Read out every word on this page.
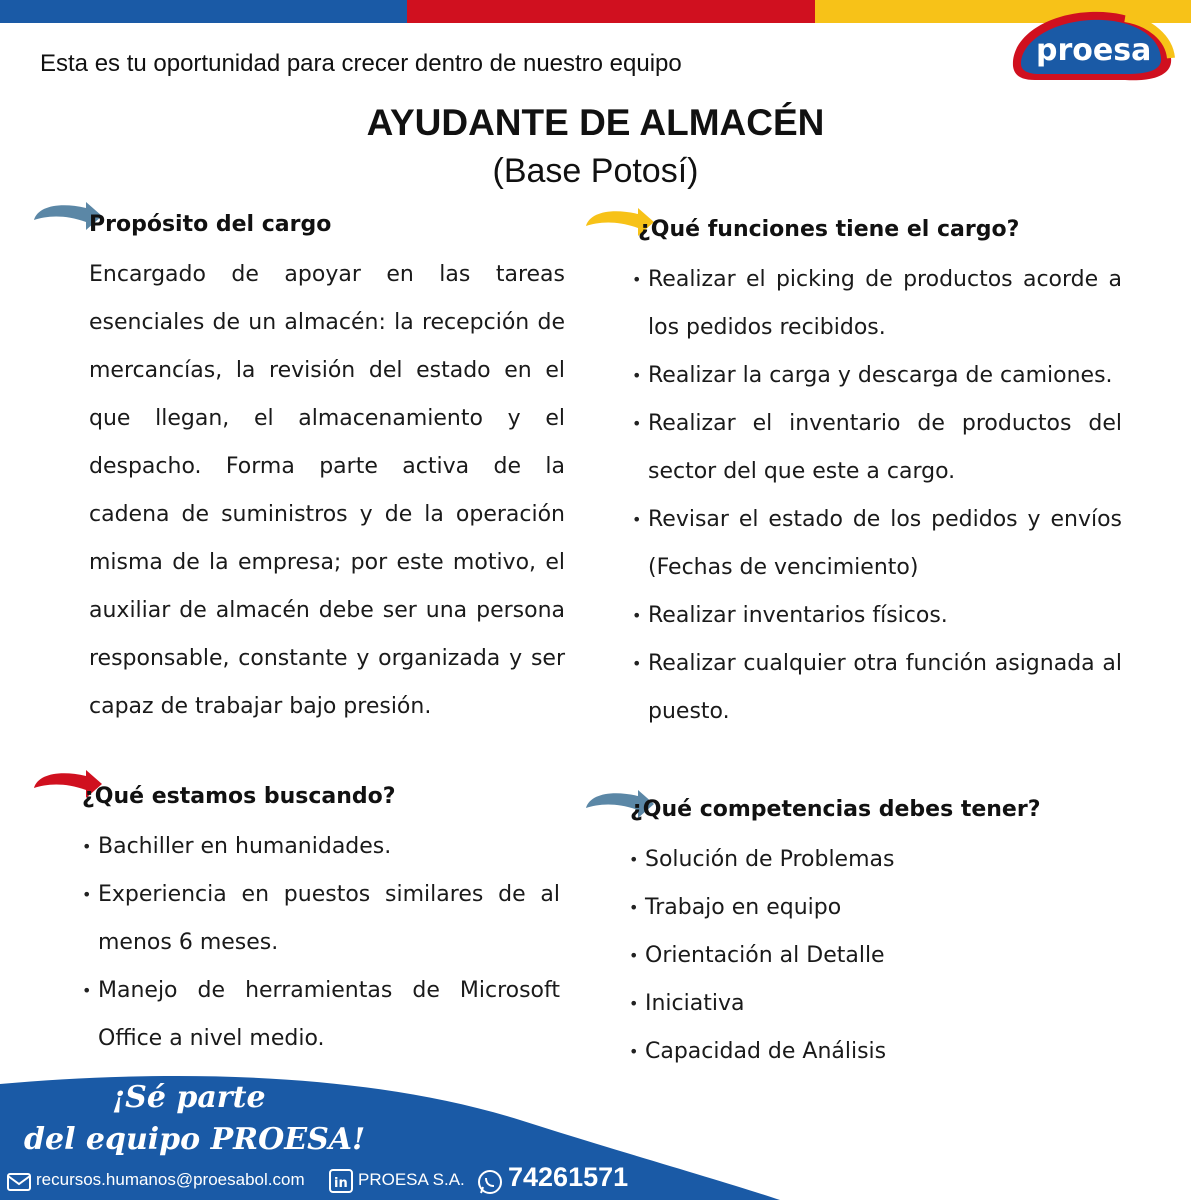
proesa
Esta es tu oportunidad para crecer dentro de nuestro equipo
AYUDANTE DE ALMACÉN
(Base Potosí)
Propósito del cargo

Encargado de apoyar en las tareas esenciales de un almacén: la recepción de mercancías, la revisión del estado en el que llegan, el almacenamiento y el despacho. Forma parte activa de la cadena de suministros y de la operación misma de la empresa; por este motivo, el auxiliar de almacén debe ser una persona responsable, constante y organizada y ser capaz de trabajar bajo presión.

¿Qué funciones tiene el cargo?
• Realizar el picking de productos acorde a los pedidos recibidos.
• Realizar la carga y descarga de camiones.
• Realizar el inventario de productos del sector del que este a cargo.
• Revisar el estado de los pedidos y envíos (Fechas de vencimiento)
• Realizar inventarios físicos.
• Realizar cualquier otra función asignada al puesto.
¿Qué estamos buscando?
• Bachiller en humanidades.
• Experiencia en puestos similares de al menos 6 meses.
• Manejo de herramientas de Microsoft Office a nivel medio.
¿Qué competencias debes tener?
• Solución de Problemas
• Trabajo en equipo
• Orientación al Detalle
• Iniciativa
• Capacidad de Análisis
¡Sé parte
del equipo PROESA!
recursos.humanos@proesabol.com in PROESA S.A.	74261571
